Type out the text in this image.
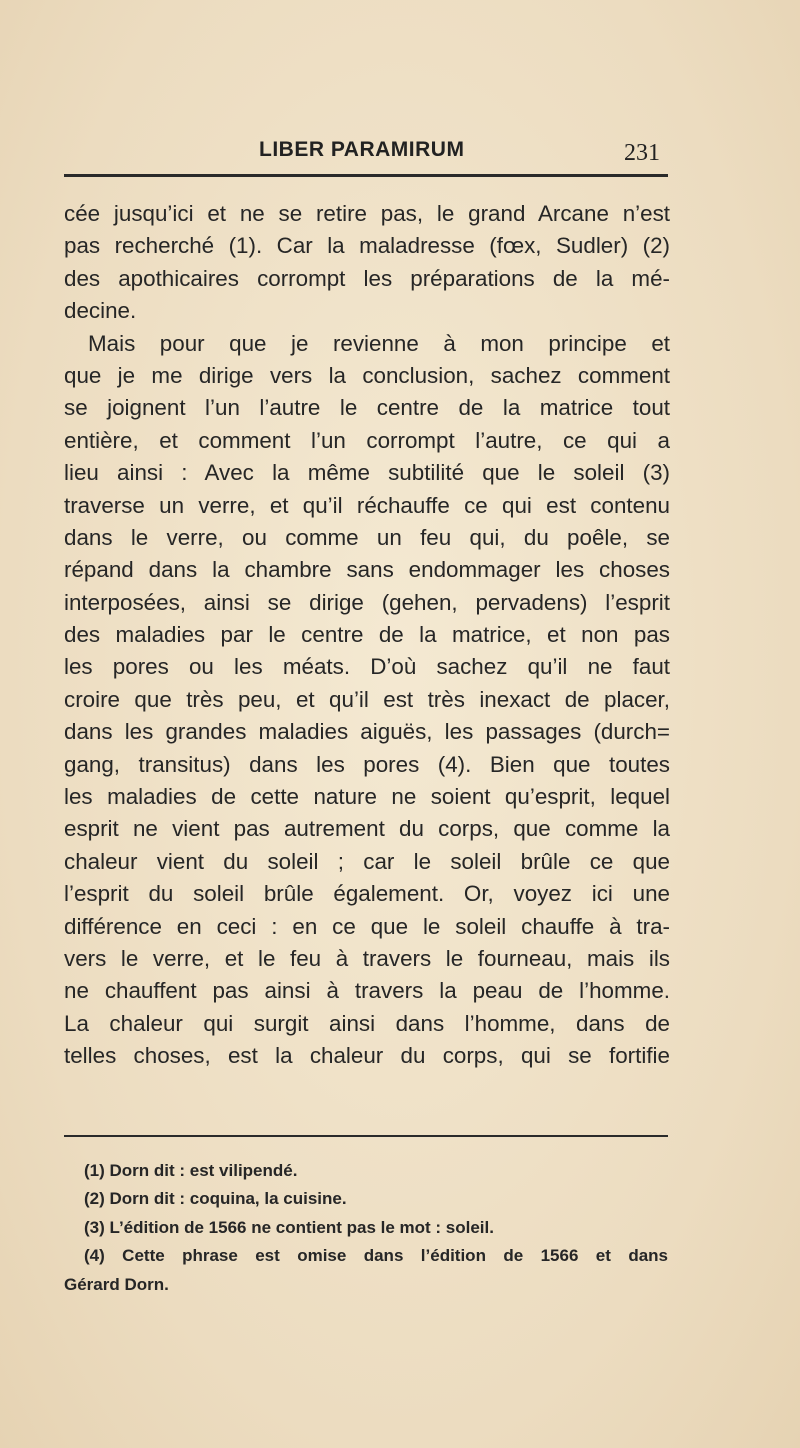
LIBER PARAMIRUM	231
cée jusqu’ici et ne se retire pas, le grand Arcane n’est
pas recherché (1). Car la maladresse (fœx, Sudler) (2)
des apothicaires corrompt les préparations de la mé-
decine.
Mais pour que je revienne à mon principe et
que je me dirige vers la conclusion, sachez comment
se joignent l’un l’autre le centre de la matrice tout
entière, et comment l’un corrompt l’autre, ce qui a
lieu ainsi : Avec la même subtilité que le soleil (3)
traverse un verre, et qu’il réchauffe ce qui est contenu
dans le verre, ou comme un feu qui, du poêle, se
répand dans la chambre sans endommager les choses
interposées, ainsi se dirige (gehen, pervadens) l’esprit
des maladies par le centre de la matrice, et non pas
les pores ou les méats. D’où sachez qu’il ne faut
croire que très peu, et qu’il est très inexact de placer,
dans les grandes maladies aiguës, les passages (durch=
gang, transitus) dans les pores (4). Bien que toutes
les maladies de cette nature ne soient qu’esprit, lequel
esprit ne vient pas autrement du corps, que comme la
chaleur vient du soleil ; car le soleil brûle ce que
l’esprit du soleil brûle également. Or, voyez ici une
différence en ceci : en ce que le soleil chauffe à tra-
vers le verre, et le feu à travers le fourneau, mais ils
ne chauffent pas ainsi à travers la peau de l’homme.
La chaleur qui surgit ainsi dans l’homme, dans de
telles choses, est la chaleur du corps, qui se fortifie
(1) Dorn dit : est vilipendé.
(2) Dorn dit : coquina, la cuisine.
(3) L’édition de 1566 ne contient pas le mot : soleil.
(4) Cette phrase est omise dans l’édition de 1566 et dans
Gérard Dorn.
